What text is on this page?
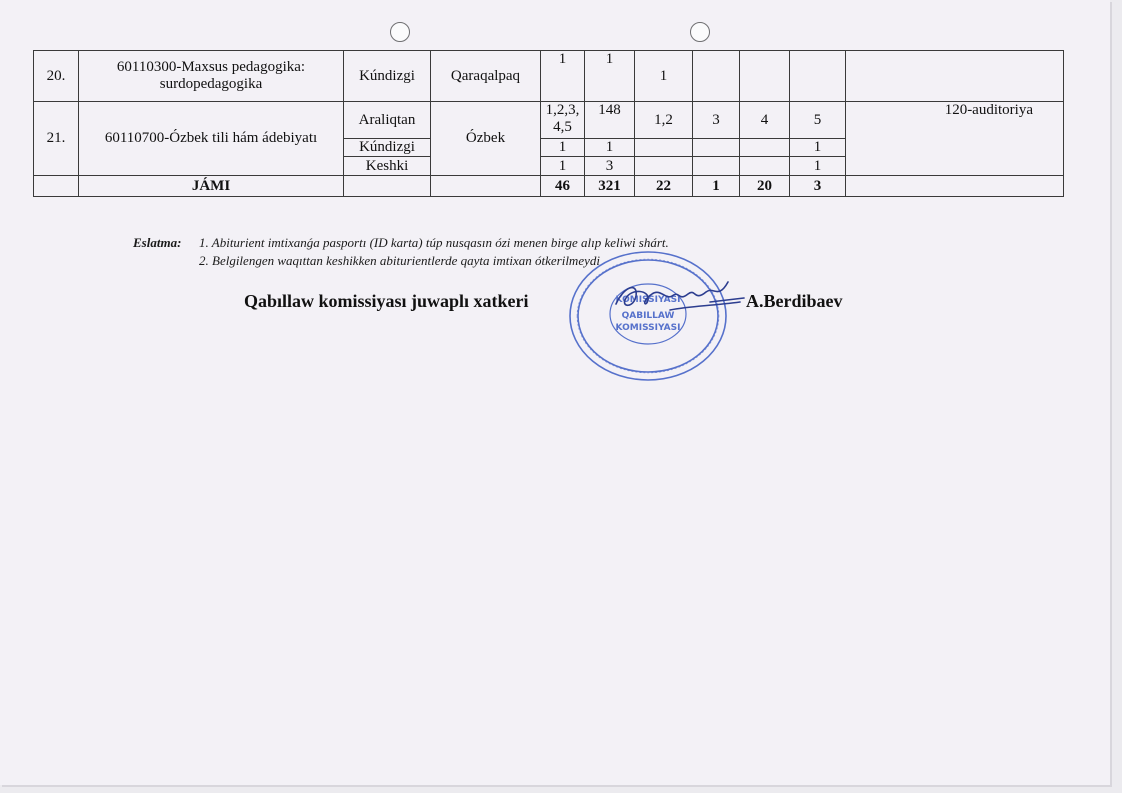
20.	60110300-Maxsus pedagogika: surdopedagogika	Kúndizgi	Qaraqalpaq	1	1	1				
21.	60110700-Ózbek tili hám ádebiyatı	Araliqtan	Ózbek	1,2,3, 4,5	148	1,2	3	4	5	120-auditoriya
		Kúndizgi		1	1				1	
		Keshki		1	3				1	
	JÁMI			46	321	22	1	20	3	
Eslatma: 1. Abiturient imtixanǵa pasportı (ID karta) túp nusqasın ózi menen birge alıp keliwi shárt.
2. Belgilengen waqıttan keshikken abiturientlerde qayta imtixan ótkerilmeydi
Qabıllaw komissiyası juwaplı xatkeri	A.Berdibaev
KOMISSIYASI
QABILLAW
KOMISSIYASI
